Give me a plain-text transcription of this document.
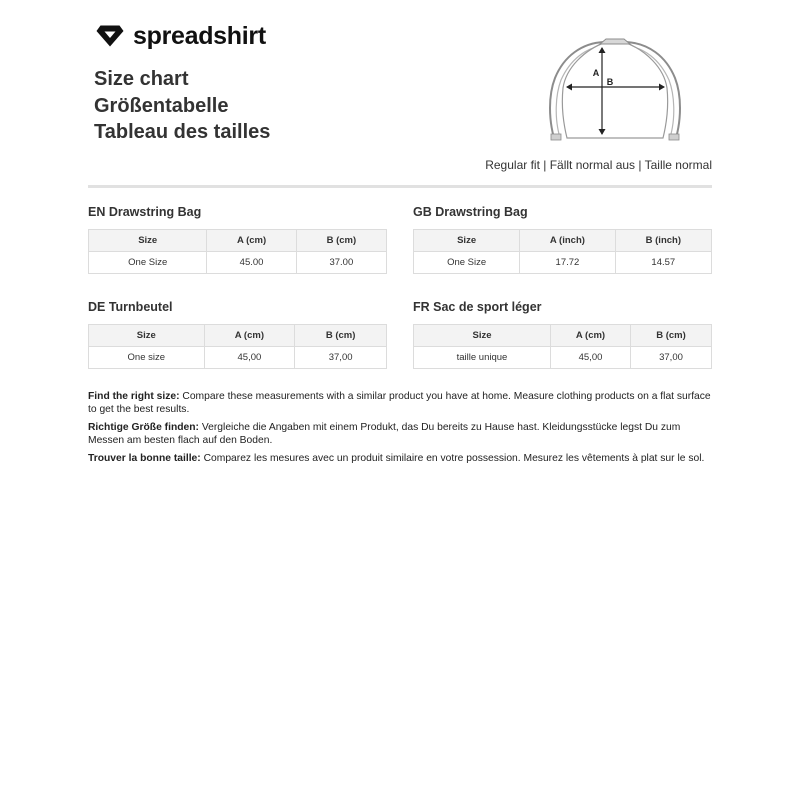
spreadshirt
Size chart
Größentabelle
Tableau des tailles
A
B
Regular fit | Fällt normal aus | Taille normal
EN Drawstring Bag
Size	A (cm)	B (cm)
One Size	45.00	37.00
GB Drawstring Bag
Size	A (inch)	B (inch)
One Size	17.72	14.57
DE Turnbeutel
Size	A (cm)	B (cm)
One size	45,00	37,00
FR Sac de sport léger
Size	A (cm)	B (cm)
taille unique	45,00	37,00

Find the right size: Compare these measurements with a similar product you have at home. Measure clothing products on a flat surface to get the best results.

Richtige Größe finden: Vergleiche die Angaben mit einem Produkt, das Du bereits zu Hause hast. Kleidungsstücke legst Du zum Messen am besten flach auf den Boden.

Trouver la bonne taille: Comparez les mesures avec un produit similaire en votre possession. Mesurez les vêtements à plat sur le sol.
